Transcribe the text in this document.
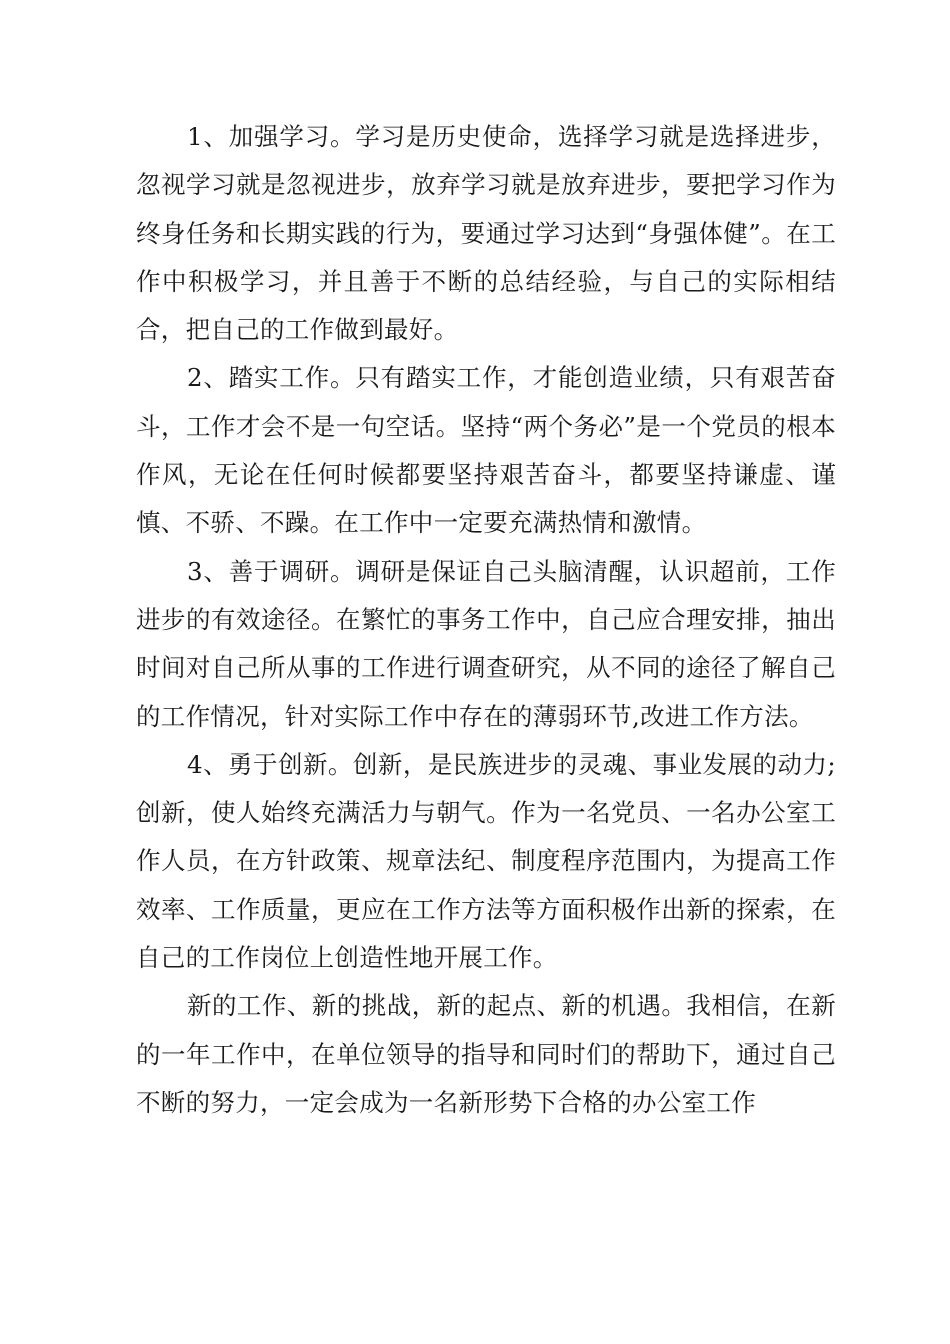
1、加强学习。学习是历史使命，选择学习就是选择进步，忽视学习就是忽视进步，放弃学习就是放弃进步，要把学习作为终身任务和长期实践的行为，要通过学习达到“身强体健”。在工作中积极学习，并且善于不断的总结经验，与自己的实际相结合，把自己的工作做到最好。

2、踏实工作。只有踏实工作，才能创造业绩，只有艰苦奋斗，工作才会不是一句空话。坚持“两个务必”是一个党员的根本作风，无论在任何时候都要坚持艰苦奋斗，都要坚持谦虚、谨慎、不骄、不躁。在工作中一定要充满热情和激情。

3、善于调研。调研是保证自己头脑清醒，认识超前，工作进步的有效途径。在繁忙的事务工作中，自己应合理安排，抽出时间对自己所从事的工作进行调查研究，从不同的途径了解自己的工作情况，针对实际工作中存在的薄弱环节,改进工作方法。

4、勇于创新。创新，是民族进步的灵魂、事业发展的动力;创新，使人始终充满活力与朝气。作为一名党员、一名办公室工作人员，在方针政策、规章法纪、制度程序范围内，为提高工作效率、工作质量，更应在工作方法等方面积极作出新的探索，在自己的工作岗位上创造性地开展工作。

新的工作、新的挑战，新的起点、新的机遇。我相信，在新的一年工作中，在单位领导的指导和同时们的帮助下，通过自己不断的努力，一定会成为一名新形势下合格的办公室工作
